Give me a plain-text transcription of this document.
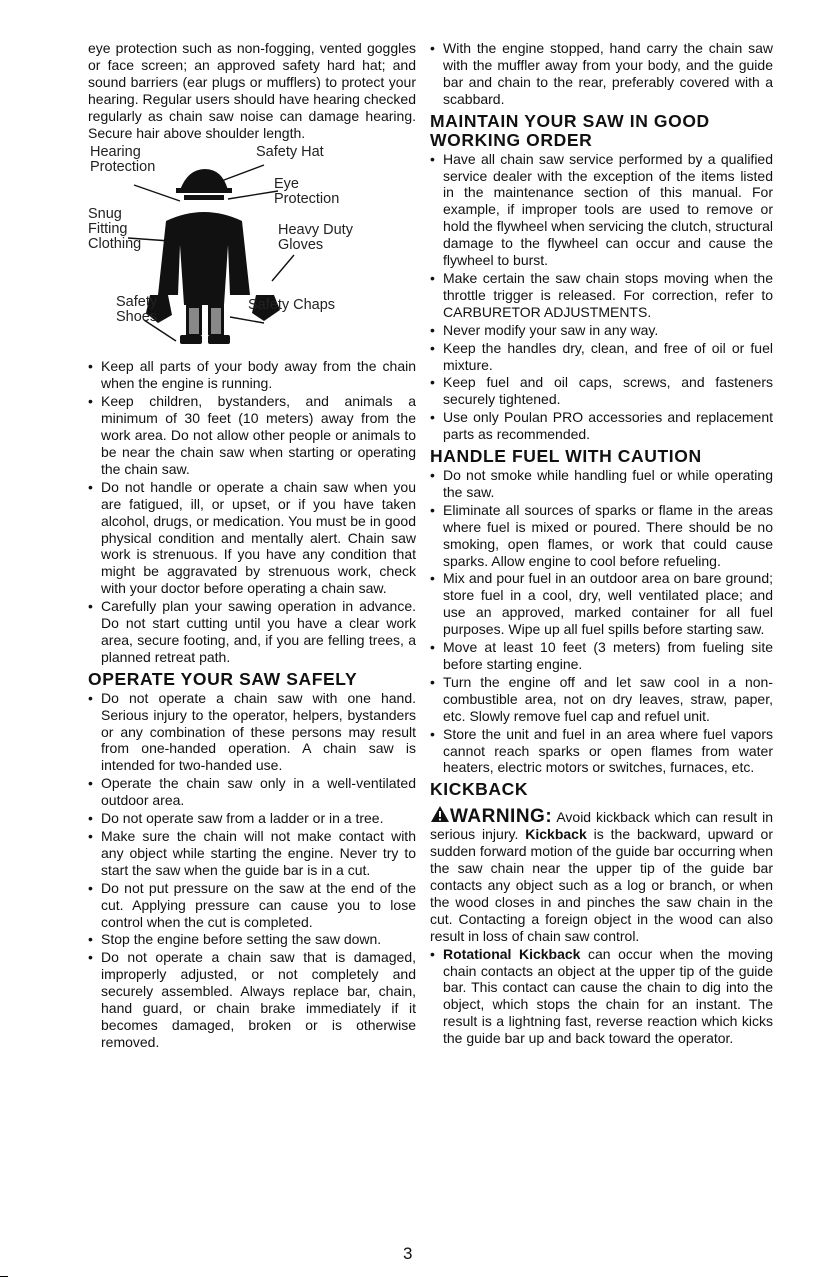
eye protection such as non-fogging, vented goggles or face screen; an approved safety hard hat; and sound barriers (ear plugs or mufflers) to protect your hearing. Regular users should have hearing checked regularly as chain saw noise can damage hearing. Secure hair above shoulder length.

Hearing
Protection
Safety Hat
Eye
Protection
Snug
Fitting
Clothing
Heavy Duty
Gloves
Safety
Shoes
Safety Chaps
• Keep all parts of your body away from the chain when the engine is running.
• Keep children, bystanders, and animals a minimum of 30 feet (10 meters) away from the work area. Do not allow other people or animals to be near the chain saw when starting or operating the chain saw.
• Do not handle or operate a chain saw when you are fatigued, ill, or upset, or if you have taken alcohol, drugs, or medication. You must be in good physical condition and mentally alert. Chain saw work is strenuous. If you have any condition that might be aggravated by strenuous work, check with your doctor before operating a chain saw.
• Carefully plan your sawing operation in advance. Do not start cutting until you have a clear work area, secure footing, and, if you are felling trees, a planned retreat path.
OPERATE YOUR SAW SAFELY
• Do not operate a chain saw with one hand. Serious injury to the operator, helpers, bystanders or any combination of these persons may result from one-handed operation. A chain saw is intended for two-handed use.
• Operate the chain saw only in a well-ventilated outdoor area.
• Do not operate saw from a ladder or in a tree.
• Make sure the chain will not make contact with any object while starting the engine. Never try to start the saw when the guide bar is in a cut.
• Do not put pressure on the saw at the end of the cut. Applying pressure can cause you to lose control when the cut is completed.
• Stop the engine before setting the saw down.
• Do not operate a chain saw that is damaged, improperly adjusted, or not completely and securely assembled. Always replace bar, chain, hand guard, or chain brake immediately if it becomes damaged, broken or is otherwise removed.
• With the engine stopped, hand carry the chain saw with the muffler away from your body, and the guide bar and chain to the rear, preferably covered with a scabbard.
MAINTAIN YOUR SAW IN GOOD WORKING ORDER
• Have all chain saw service performed by a qualified service dealer with the exception of the items listed in the maintenance section of this manual. For example, if improper tools are used to remove or hold the flywheel when servicing the clutch, structural damage to the flywheel can occur and cause the flywheel to burst.
• Make certain the saw chain stops moving when the throttle trigger is released. For correction, refer to CARBURETOR ADJUSTMENTS.
• Never modify your saw in any way.
• Keep the handles dry, clean, and free of oil or fuel mixture.
• Keep fuel and oil caps, screws, and fasteners securely tightened.
• Use only Poulan PRO accessories and replacement parts as recommended.
HANDLE FUEL WITH CAUTION
• Do not smoke while handling fuel or while operating the saw.
• Eliminate all sources of sparks or flame in the areas where fuel is mixed or poured. There should be no smoking, open flames, or work that could cause sparks. Allow engine to cool before refueling.
• Mix and pour fuel in an outdoor area on bare ground; store fuel in a cool, dry, well ventilated place; and use an approved, marked container for all fuel purposes. Wipe up all fuel spills before starting saw.
• Move at least 10 feet (3 meters) from fueling site before starting engine.
• Turn the engine off and let saw cool in a non-combustible area, not on dry leaves, straw, paper, etc. Slowly remove fuel cap and refuel unit.
• Store the unit and fuel in an area where fuel vapors cannot reach sparks or open flames from water heaters, electric motors or switches, furnaces, etc.
KICKBACK

WARNING: Avoid kickback which can result in serious injury. Kickback is the backward, upward or sudden forward motion of the guide bar occurring when the saw chain near the upper tip of the guide bar contacts any object such as a log or branch, or when the wood closes in and pinches the saw chain in the cut. Contacting a foreign object in the wood can also result in loss of chain saw control.

• Rotational Kickback can occur when the moving chain contacts an object at the upper tip of the guide bar. This contact can cause the chain to dig into the object, which stops the chain for an instant. The result is a lightning fast, reverse reaction which kicks the guide bar up and back toward the operator.
3
